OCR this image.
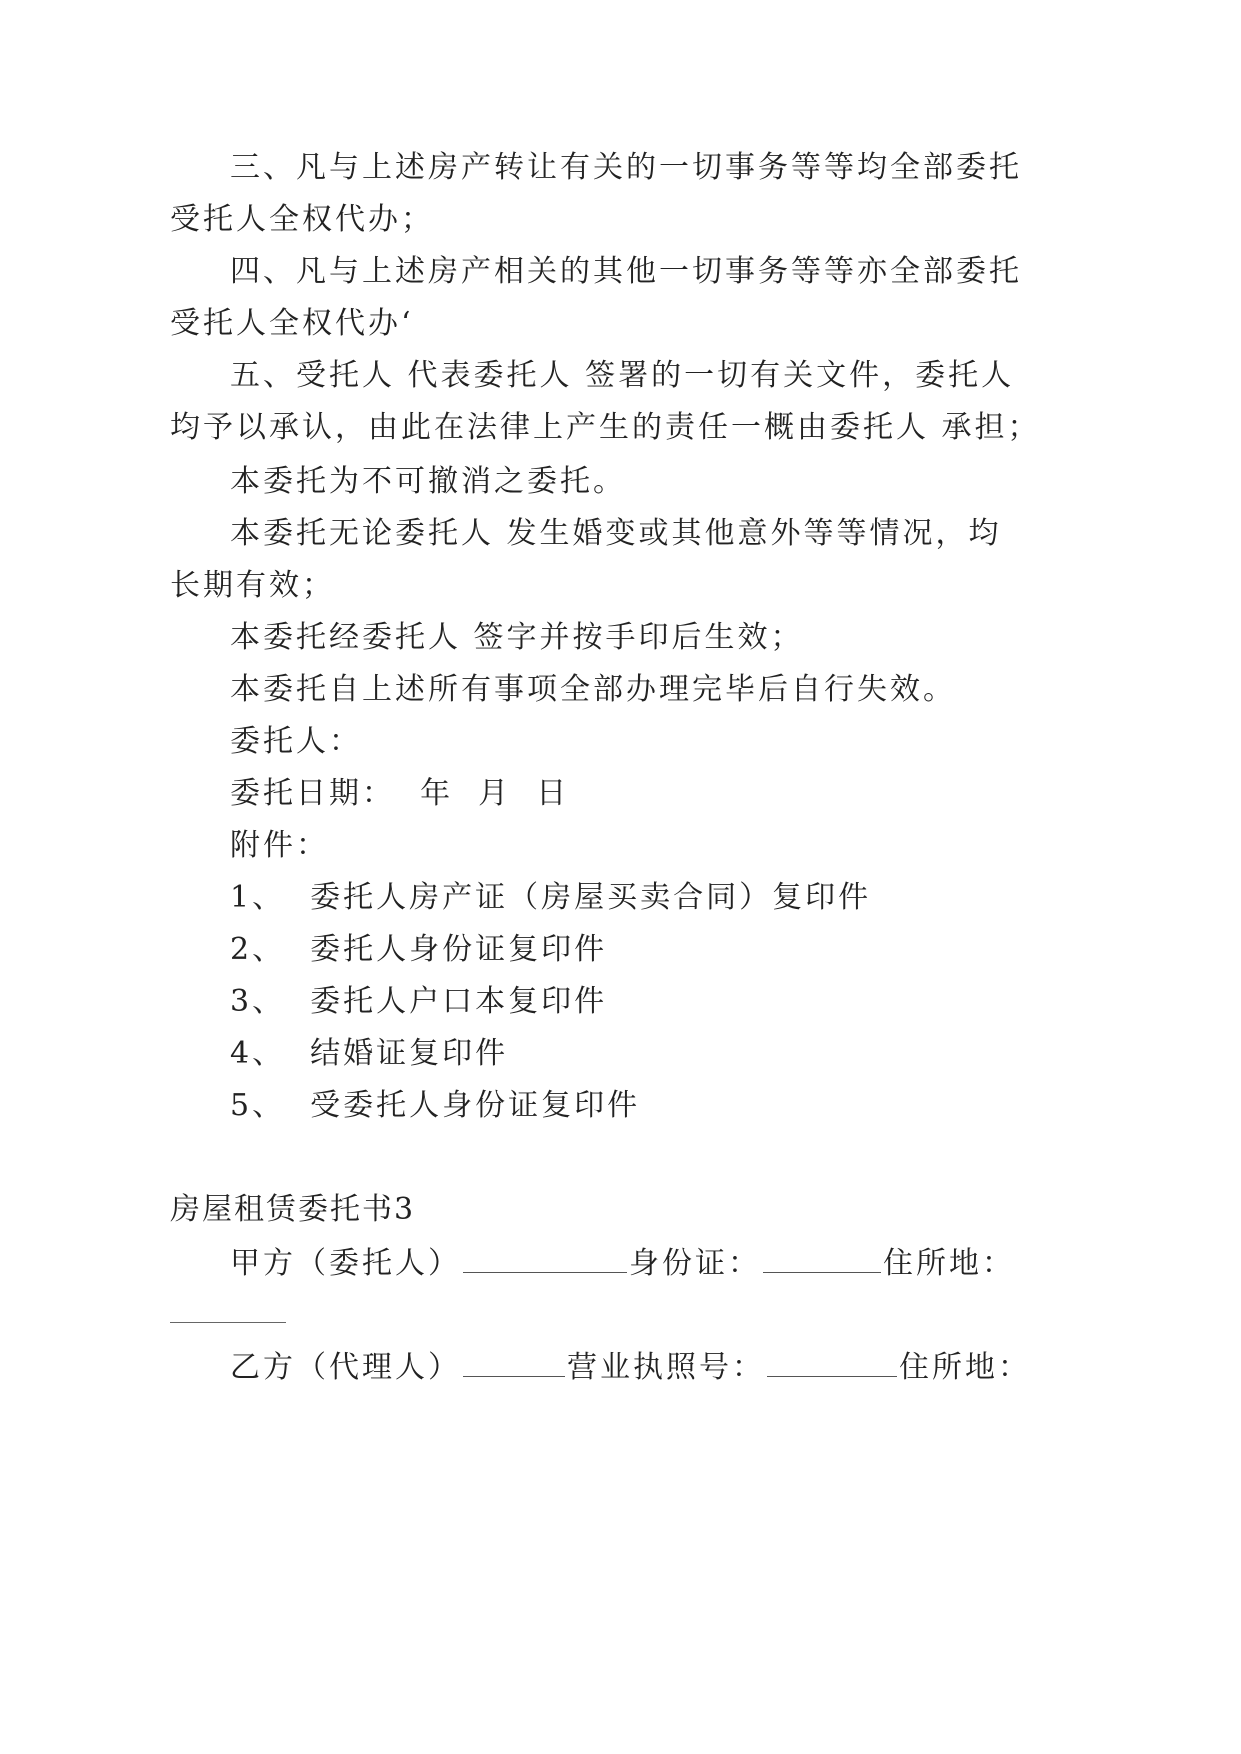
三、凡与上述房产转让有关的一切事务等等均全部委托
受托人全权代办；
四、凡与上述房产相关的其他一切事务等等亦全部委托
受托人全权代办‘
五、受托人 代表委托人 签署的一切有关文件，委托人
均予以承认，由此在法律上产生的责任一概由委托人 承担；
本委托为不可撤消之委托。
本委托无论委托人 发生婚变或其他意外等等情况，均
长期有效；
本委托经委托人 签字并按手印后生效；
本委托自上述所有事项全部办理完毕后自行失效。
委托人：
委托日期：  年  月  日
附件：
1、  委托人房产证（房屋买卖合同）复印件
2、  委托人身份证复印件
3、  委托人户口本复印件
4、  结婚证复印件
5、  受委托人身份证复印件
房屋租赁委托书3
甲方（委托人）	身份证：	住所地：
乙方（代理人）	营业执照号：	住所地：
